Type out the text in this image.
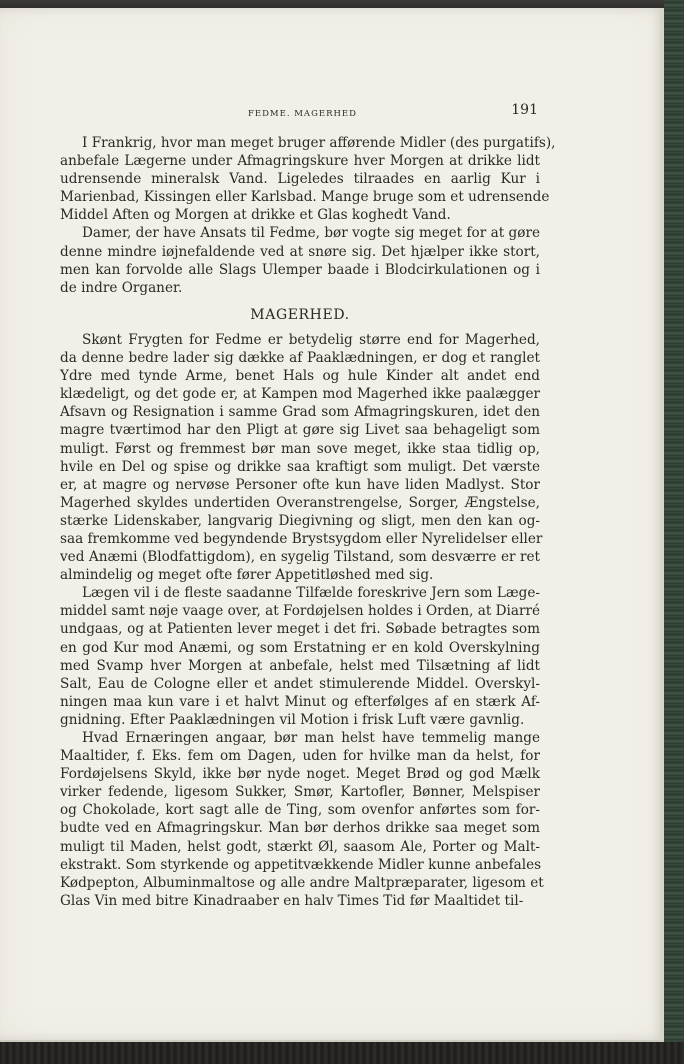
FEDME. MAGERHED	191
I Frankrig, hvor man meget bruger afførende Midler (des purgatifs),
anbefale Lægerne under Afmagringskure hver Morgen at drikke lidt
udrensende mineralsk Vand. Ligeledes tilraades en aarlig Kur i
Marienbad, Kissingen eller Karlsbad. Mange bruge som et udrensende
Middel Aften og Morgen at drikke et Glas koghedt Vand.
Damer, der have Ansats til Fedme, bør vogte sig meget for at gøre
denne mindre iøjnefaldende ved at snøre sig. Det hjælper ikke stort,
men kan forvolde alle Slags Ulemper baade i Blodcirkulationen og i
de indre Organer.
MAGERHED.
Skønt Frygten for Fedme er betydelig større end for Magerhed,
da denne bedre lader sig dække af Paaklædningen, er dog et ranglet
Ydre med tynde Arme, benet Hals og hule Kinder alt andet end
klædeligt, og det gode er, at Kampen mod Magerhed ikke paalægger
Afsavn og Resignation i samme Grad som Afmagringskuren, idet den
magre tværtimod har den Pligt at gøre sig Livet saa behageligt som
muligt. Først og fremmest bør man sove meget, ikke staa tidlig op,
hvile en Del og spise og drikke saa kraftigt som muligt. Det værste
er, at magre og nervøse Personer ofte kun have liden Madlyst. Stor
Magerhed skyldes undertiden Overanstrengelse, Sorger, Ængstelse,
stærke Lidenskaber, langvarig Diegivning og sligt, men den kan og-
saa fremkomme ved begyndende Brystsygdom eller Nyrelidelser eller
ved Anæmi (Blodfattigdom), en sygelig Tilstand, som desværre er ret
almindelig og meget ofte fører Appetitløshed med sig.
Lægen vil i de fleste saadanne Tilfælde foreskrive Jern som Læge-
middel samt nøje vaage over, at Fordøjelsen holdes i Orden, at Diarré
undgaas, og at Patienten lever meget i det fri. Søbade betragtes som
en god Kur mod Anæmi, og som Erstatning er en kold Overskylning
med Svamp hver Morgen at anbefale, helst med Tilsætning af lidt
Salt, Eau de Cologne eller et andet stimulerende Middel. Overskyl-
ningen maa kun vare i et halvt Minut og efterfølges af en stærk Af-
gnidning. Efter Paaklædningen vil Motion i frisk Luft være gavnlig.
Hvad Ernæringen angaar, bør man helst have temmelig mange
Maaltider, f. Eks. fem om Dagen, uden for hvilke man da helst, for
Fordøjelsens Skyld, ikke bør nyde noget. Meget Brød og god Mælk
virker fedende, ligesom Sukker, Smør, Kartofler, Bønner, Melspiser
og Chokolade, kort sagt alle de Ting, som ovenfor anførtes som for-
budte ved en Afmagringskur. Man bør derhos drikke saa meget som
muligt til Maden, helst godt, stærkt Øl, saasom Ale, Porter og Malt-
ekstrakt. Som styrkende og appetitvækkende Midler kunne anbefales
Kødpepton, Albuminmaltose og alle andre Maltpræparater, ligesom et
Glas Vin med bitre Kinadraaber en halv Times Tid før Maaltidet til-
